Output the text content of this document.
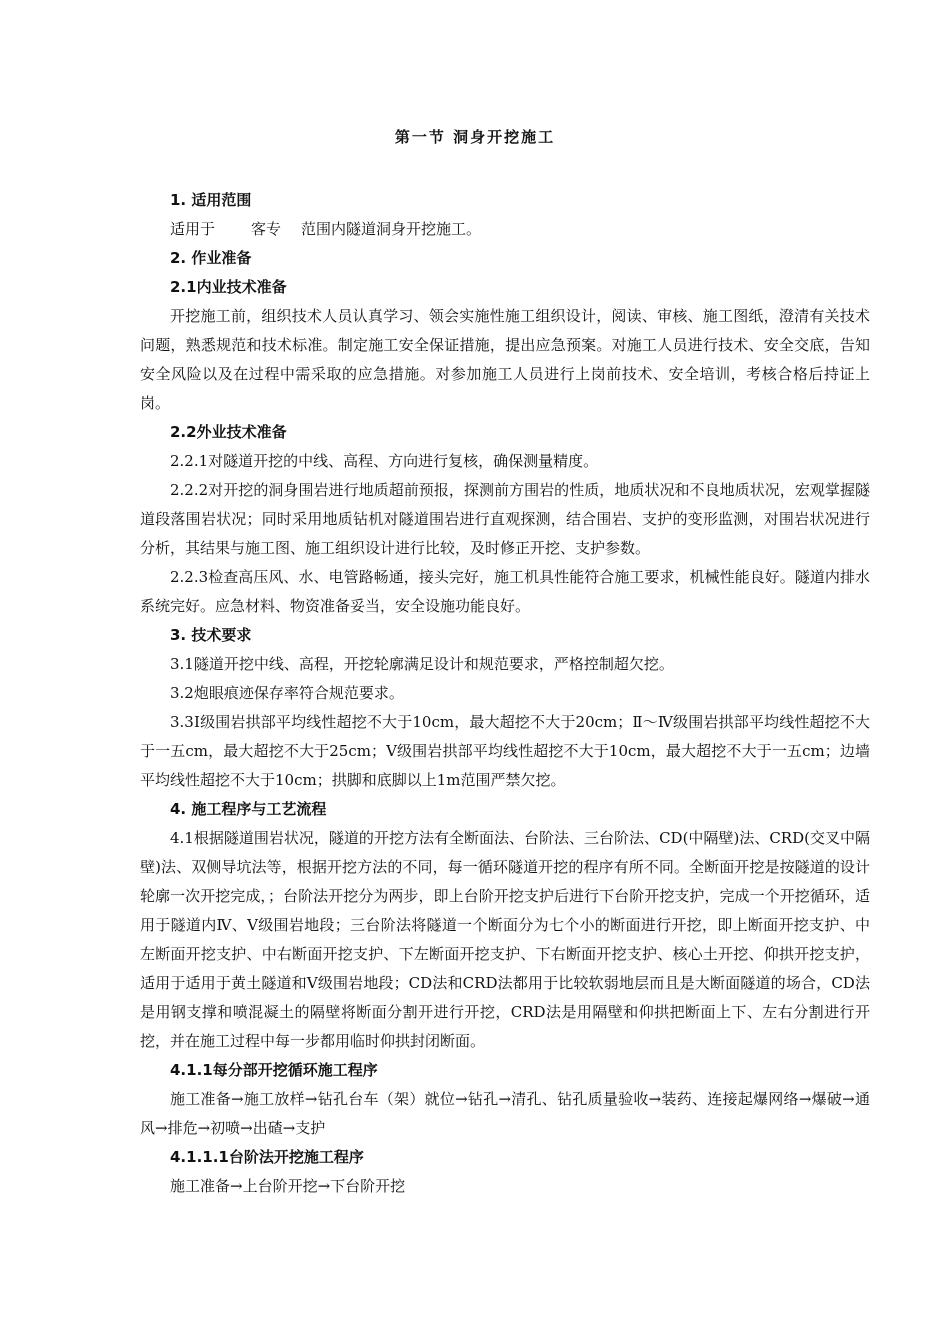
第一节 洞身开挖施工

1. 适用范围

适用于 客专 范围内隧道洞身开挖施工。

2. 作业准备

2.1内业技术准备

开挖施工前，组织技术人员认真学习、领会实施性施工组织设计，阅读、审核、施工图纸，澄清有关技术问题，熟悉规范和技术标准。制定施工安全保证措施，提出应急预案。对施工人员进行技术、安全交底，告知安全风险以及在过程中需采取的应急措施。对参加施工人员进行上岗前技术、安全培训，考核合格后持证上岗。

2.2外业技术准备

2.2.1对隧道开挖的中线、高程、方向进行复核，确保测量精度。

2.2.2对开挖的洞身围岩进行地质超前预报，探测前方围岩的性质，地质状况和不良地质状况，宏观掌握隧道段落围岩状况；同时采用地质钻机对隧道围岩进行直观探测，结合围岩、支护的变形监测，对围岩状况进行分析，其结果与施工图、施工组织设计进行比较，及时修正开挖、支护参数。

2.2.3检查高压风、水、电管路畅通，接头完好，施工机具性能符合施工要求，机械性能良好。隧道内排水系统完好。应急材料、物资准备妥当，安全设施功能良好。

3. 技术要求

3.1隧道开挖中线、高程，开挖轮廓满足设计和规范要求，严格控制超欠挖。

3.2炮眼痕迹保存率符合规范要求。

3.3Ⅰ级围岩拱部平均线性超挖不大于10cm，最大超挖不大于20cm；Ⅱ～Ⅳ级围岩拱部平均线性超挖不大于一五cm，最大超挖不大于25cm；Ⅴ级围岩拱部平均线性超挖不大于10cm，最大超挖不大于一五cm；边墙平均线性超挖不大于10cm；拱脚和底脚以上1m范围严禁欠挖。

4. 施工程序与工艺流程

4.1根据隧道围岩状况，隧道的开挖方法有全断面法、台阶法、三台阶法、CD(中隔壁)法、CRD(交叉中隔壁)法、双侧导坑法等，根据开挖方法的不同，每一循环隧道开挖的程序有所不同。全断面开挖是按隧道的设计轮廓一次开挖完成，；台阶法开挖分为两步，即上台阶开挖支护后进行下台阶开挖支护，完成一个开挖循环，适用于隧道内Ⅳ、Ⅴ级围岩地段；三台阶法将隧道一个断面分为七个小的断面进行开挖，即上断面开挖支护、中左断面开挖支护、中右断面开挖支护、下左断面开挖支护、下右断面开挖支护、核心土开挖、仰拱开挖支护，适用于适用于黄土隧道和Ⅴ级围岩地段；CD法和CRD法都用于比较软弱地层而且是大断面隧道的场合，CD法是用钢支撑和喷混凝土的隔壁将断面分割开进行开挖，CRD法是用隔壁和仰拱把断面上下、左右分割进行开挖，并在施工过程中每一步都用临时仰拱封闭断面。

4.1.1每分部开挖循环施工程序

施工准备→施工放样→钻孔台车（架）就位→钻孔→清孔、钻孔质量验收→装药、连接起爆网络→爆破→通风→排危→初喷→出碴→支护

4.1.1.1台阶法开挖施工程序

施工准备→上台阶开挖→下台阶开挖
